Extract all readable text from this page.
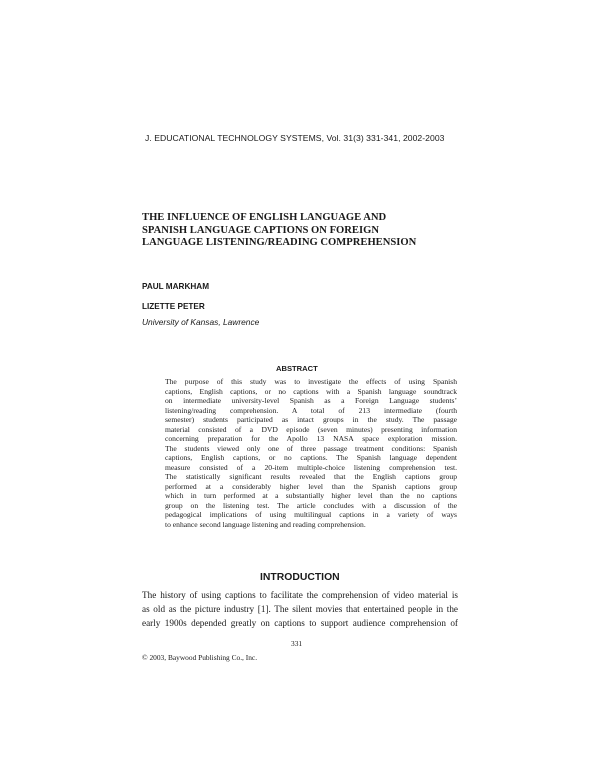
J. EDUCATIONAL TECHNOLOGY SYSTEMS, Vol. 31(3) 331-341, 2002-2003
THE INFLUENCE OF ENGLISH LANGUAGE AND
SPANISH LANGUAGE CAPTIONS ON FOREIGN
LANGUAGE LISTENING/READING COMPREHENSION
PAUL MARKHAM
LIZETTE PETER
University of Kansas, Lawrence
ABSTRACT
The purpose of this study was to investigate the effects of using Spanish
captions, English captions, or no captions with a Spanish language soundtrack
on intermediate university-level Spanish as a Foreign Language students’
listening/reading comprehension. A total of 213 intermediate (fourth
semester) students participated as intact groups in the study. The passage
material consisted of a DVD episode (seven minutes) presenting information
concerning preparation for the Apollo 13 NASA space exploration mission.
The students viewed only one of three passage treatment conditions: Spanish
captions, English captions, or no captions. The Spanish language dependent
measure consisted of a 20-item multiple-choice listening comprehension test.
The statistically significant results revealed that the English captions group
performed at a considerably higher level than the Spanish captions group
which in turn performed at a substantially higher level than the no captions
group on the listening test. The article concludes with a discussion of the
pedagogical implications of using multilingual captions in a variety of ways
to enhance second language listening and reading comprehension.
INTRODUCTION
The history of using captions to facilitate the comprehension of video material is
as old as the picture industry [1]. The silent movies that entertained people in the
early 1900s depended greatly on captions to support audience comprehension of
331
© 2003, Baywood Publishing Co., Inc.
